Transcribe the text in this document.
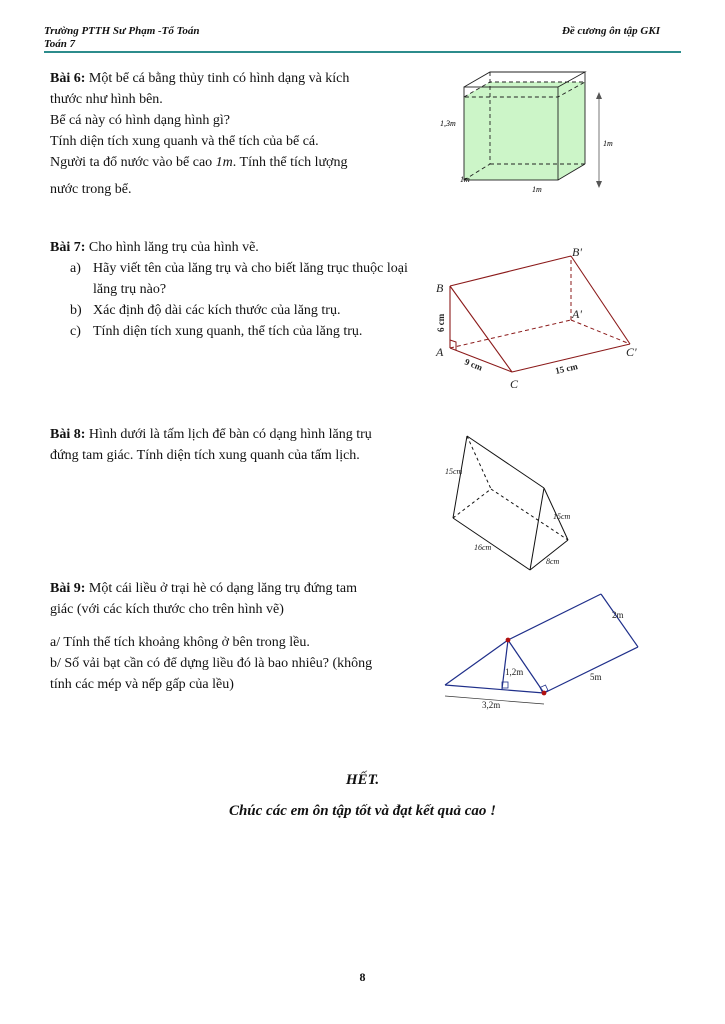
Trường PTTH Sư Phạm -Tổ Toán	Đề cương ôn tập GKI
Toán 7

Bài 6: Một bể cá bằng thủy tinh có hình dạng và kích

thước như hình bên.

Bể cá này có hình dạng hình gì?

Tính diện tích xung quanh và thể tích của bể cá.

Người ta đổ nước vào bể cao 1m. Tính thể tích lượng

nước trong bể.

1,3m
1m
1m
1m

Bài 7: Cho hình lăng trụ của hình vẽ.

a) Hãy viết tên của lăng trụ và cho biết lăng trục thuộc loại lăng trụ nào?
b) Xác định độ dài các kích thước của lăng trụ.
c) Tính diện tích xung quanh, thể tích của lăng trụ.
B
A
C
B'
A'
C'
6 cm
9 cm	15 cm

Bài 8: Hình dưới là tấm lịch để bàn có dạng hình lăng trụ

đứng tam giác. Tính diện tích xung quanh của tấm lịch.

15cm
15cm
16cm
8cm

Bài 9: Một cái liều ở trại hè có dạng lăng trụ đứng tam

giác (với các kích thước cho trên hình vẽ)

a/ Tính thể tích khoảng không ở bên trong lều.

b/ Số vải bạt cần có để dựng liều đó là bao nhiêu? (không

tính các mép và nếp gấp của lều)

2m
1,2m	5m
3,2m
HẾT.
Chúc các em ôn tập tốt và đạt kết quả cao !
8
